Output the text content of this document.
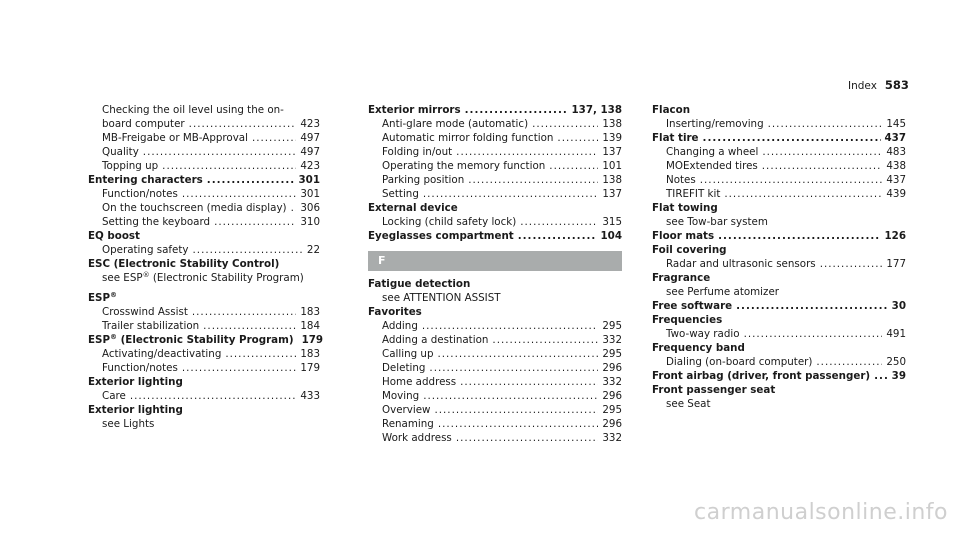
Index 583
Checking the oil level using the on-
board computer .....	423
MB-Freigabe or MB-Approval .....	497
Quality .....	497
Topping up .....	423
Entering characters .....	301
Function/notes .....	301
On the touchscreen (media display) ..... 306
Setting the keyboard .....	310
EQ boost
Operating safety .....	22
ESC (Electronic Stability Control)
see ESP® (Electronic Stability Program)
ESP®
Crosswind Assist .....	183
Trailer stabilization .....	184
ESP® (Electronic Stability Program) 179
Activating/deactivating .....	183
Function/notes .....	179
Exterior lighting
Care .....	433
Exterior lighting
see Lights
Exterior mirrors .....	137, 138
Anti-glare mode (automatic) .....	138
Automatic mirror folding function .....	139
Folding in/out .....	137
Operating the memory function .....	101
Parking position .....	138
Setting .....	137
External device
Locking (child safety lock) .....	315
Eyeglasses compartment .....	104
F
Fatigue detection
see ATTENTION ASSIST
Favorites
Adding .....	295
Adding a destination .....	332
Calling up .....	295
Deleting .....	296
Home address .....	332
Moving .....	296
Overview .....	295
Renaming .....	296
Work address .....	332
Flacon
Inserting/removing .....	145
Flat tire .....	437
Changing a wheel .....	483
MOExtended tires .....	438
Notes .....	437
TIREFIT kit .....	439
Flat towing
see Tow-bar system
Floor mats .....	126
Foil covering
Radar and ultrasonic sensors .....	177
Fragrance
see Perfume atomizer
Free software .....	30
Frequencies
Two-way radio .....	491
Frequency band
Dialing (on-board computer) .....	250
Front airbag (driver, front passenger) ..... 39
Front passenger seat
see Seat
carmanualsonline.info
